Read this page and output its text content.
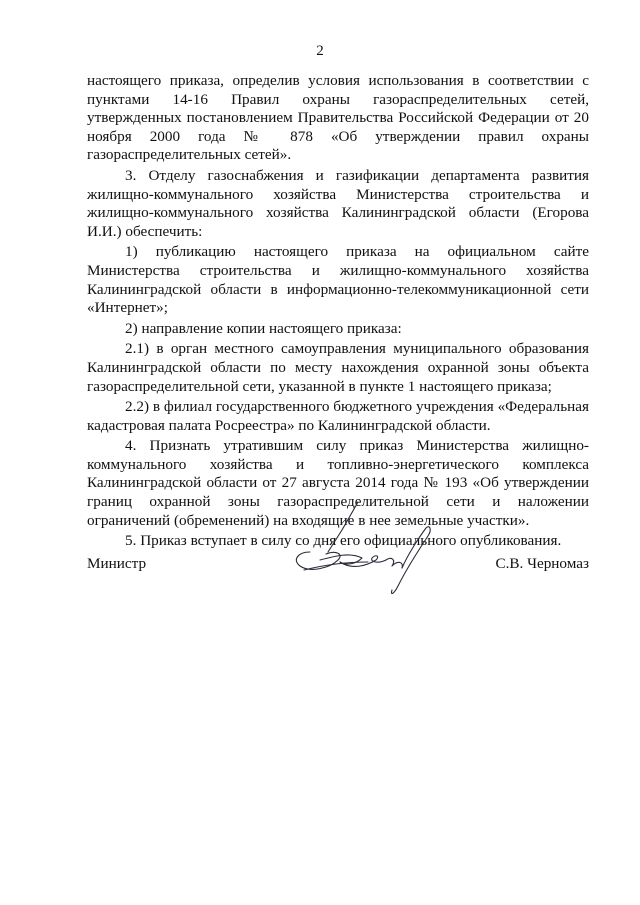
2

настоящего приказа, определив условия использования в соответствии с пунктами 14-16 Правил охраны газораспределительных сетей, утвержденных постановлением Правительства Российской Федерации от 20 ноября 2000 года № 878 «Об утверждении правил охраны газораспределительных сетей».

3. Отделу газоснабжения и газификации департамента развития жилищно-коммунального хозяйства Министерства строительства и жилищно-коммунального хозяйства Калининградской области (Егорова И.И.) обеспечить:

1) публикацию настоящего приказа на официальном сайте Министерства строительства и жилищно-коммунального хозяйства Калининградской области в информационно-телекоммуникационной сети «Интернет»;

2) направление копии настоящего приказа:

2.1) в орган местного самоуправления муниципального образования Калининградской области по месту нахождения охранной зоны объекта газораспределительной сети, указанной в пункте 1 настоящего приказа;

2.2) в филиал государственного бюджетного учреждения «Федеральная кадастровая палата Росреестра» по Калининградской области.

4. Признать утратившим силу приказ Министерства жилищно-коммунального хозяйства и топливно-энергетического комплекса Калининградской области от 27 августа 2014 года № 193 «Об утверждении границ охранной зоны газораспределительной сети и наложении ограничений (обременений) на входящие в нее земельные участки».

5. Приказ вступает в силу со дня его официального опубликования.

Министр	С.В. Черномаз
